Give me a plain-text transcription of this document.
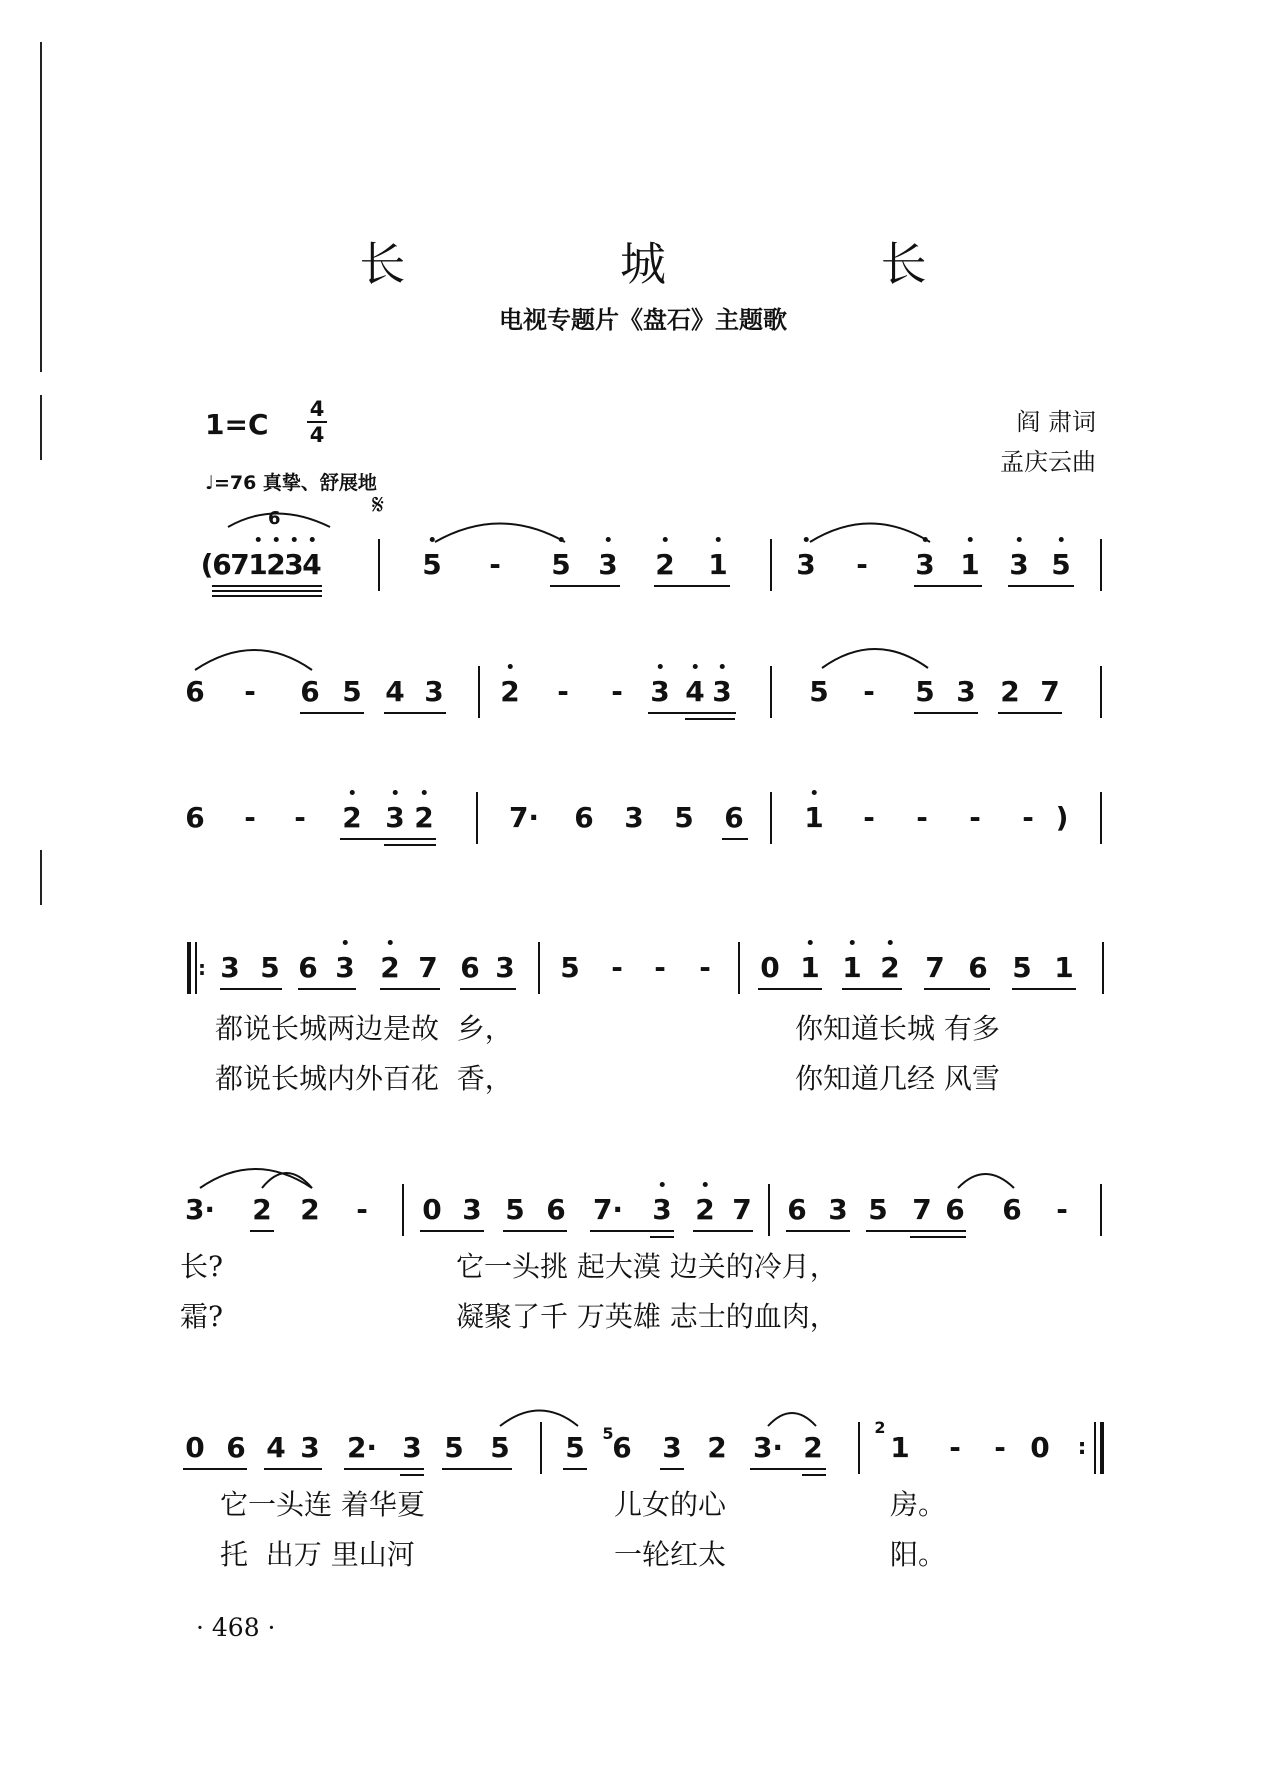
长 城 长
电视专题片《盘石》主题歌
1=C 4
4
♩=76 真挚、舒展地
阎 肃词
孟庆云曲
𝄋
6
(
6
7
1
2
3
4	5 - 5 3 2 1 3 - 3 1 3 5
6 - 6 5 4 3 2 - - 3 4 3	5 - 5 3 2 7
6 - - 2 3 2	7· 6 3 5 6 1 - - - - )
: 3 5 6 3 2 7 6 3 5 - - - 0 1 1 2 7 6 5 1
都说长城两边是故  乡，	你知道长城 有多
都说长城内外百花  香，	你知道几经 风雪
3· 2 2 - 0 3 5 6 7· 3 2 7 6 3 5 7 6 6 -
长?	它一头挑 起大漠 边关的冷月，
霜?	凝聚了千 万英雄 志士的血肉，
0 6 4 3 2· 3 5 5 5 5
6 3 2 3· 2
2
1 - - 0 :
它一头连 着华夏	儿女的心	房。
托  出万 里山河	一轮红太	阳。
· 468 ·
